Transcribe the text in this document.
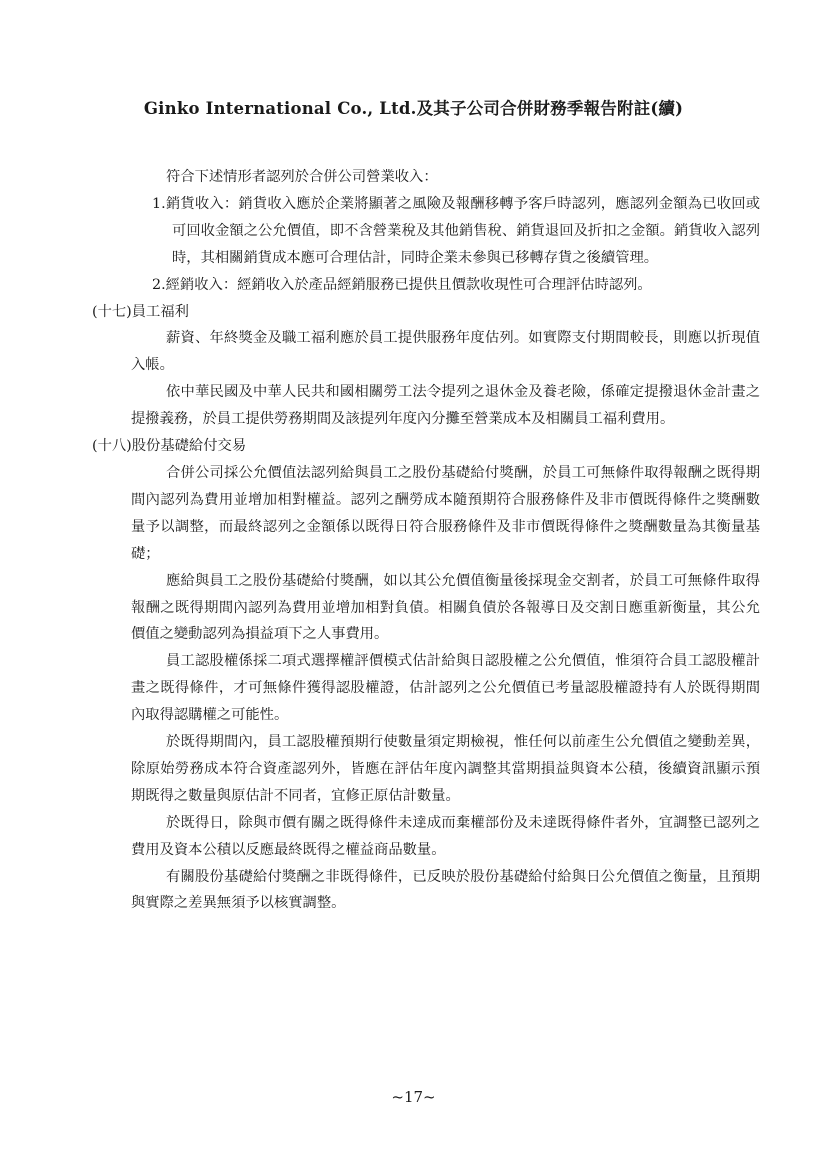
Ginko International Co., Ltd.及其子公司合併財務季報告附註(續)

符合下述情形者認列於合併公司營業收入：

1.銷貨收入：銷貨收入應於企業將顯著之風險及報酬移轉予客戶時認列，應認列金額為已收回或可回收金額之公允價值，即不含營業稅及其他銷售稅、銷貨退回及折扣之金額。銷貨收入認列時，其相關銷貨成本應可合理估計，同時企業未參與已移轉存貨之後續管理。

2.經銷收入：經銷收入於產品經銷服務已提供且價款收現性可合理評估時認列。

(十七)員工福利

薪資、年終獎金及職工福利應於員工提供服務年度估列。如實際支付期間較長，則應以折現值入帳。

依中華民國及中華人民共和國相關勞工法令提列之退休金及養老險，係確定提撥退休金計畫之提撥義務，於員工提供勞務期間及該提列年度內分攤至營業成本及相關員工福利費用。

(十八)股份基礎給付交易

合併公司採公允價值法認列給與員工之股份基礎給付獎酬，於員工可無條件取得報酬之既得期間內認列為費用並增加相對權益。認列之酬勞成本隨預期符合服務條件及非市價既得條件之獎酬數量予以調整，而最終認列之金額係以既得日符合服務條件及非市價既得條件之獎酬數量為其衡量基礎；

應給與員工之股份基礎給付獎酬，如以其公允價值衡量後採現金交割者，於員工可無條件取得報酬之既得期間內認列為費用並增加相對負債。相關負債於各報導日及交割日應重新衡量，其公允價值之變動認列為損益項下之人事費用。

員工認股權係採二項式選擇權評價模式估計給與日認股權之公允價值，惟須符合員工認股權計畫之既得條件，才可無條件獲得認股權證，估計認列之公允價值已考量認股權證持有人於既得期間內取得認購權之可能性。

於既得期間內，員工認股權預期行使數量須定期檢視，惟任何以前產生公允價值之變動差異，除原始勞務成本符合資產認列外，皆應在評估年度內調整其當期損益與資本公積，後續資訊顯示預期既得之數量與原估計不同者，宜修正原估計數量。

於既得日，除與市價有關之既得條件未達成而棄權部份及未達既得條件者外，宜調整已認列之費用及資本公積以反應最終既得之權益商品數量。

有關股份基礎給付獎酬之非既得條件，已反映於股份基礎給付給與日公允價值之衡量，且預期與實際之差異無須予以核實調整。

~17~
